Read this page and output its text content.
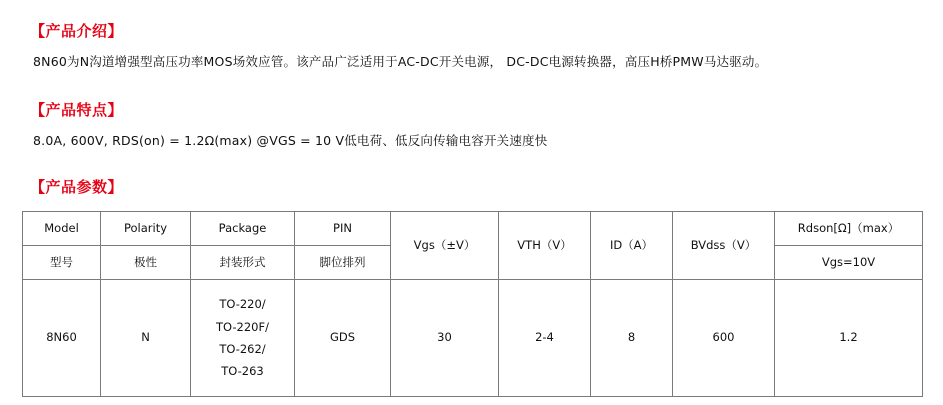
【产品介绍】
8N60为N沟道增强型高压功率MOS场效应管。该产品广泛适用于AC-DC开关电源， DC-DC电源转换器，高压H桥PMW马达驱动。
【产品特点】
8.0A, 600V, RDS(on) = 1.2Ω(max) @VGS = 10 V低电荷、低反向传输电容开关速度快
【产品参数】
Model	Polarity	Package	PIN	Vgs（±V）	VTH（V）	ID（A）	BVdss（V）	Rdson[Ω]（max）
型号	极性	封装形式	脚位排列					Vgs=10V
8N60	N	TO-220/
TO-220F/
TO-262/
TO-263	GDS	30	2-4	8	600	1.2
